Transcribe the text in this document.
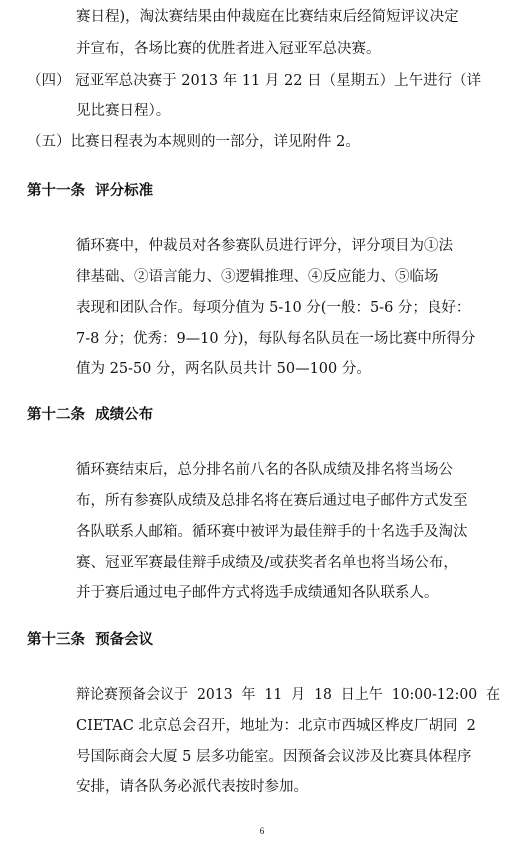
赛日程)，淘汰赛结果由仲裁庭在比赛结束后经简短评议决定
并宣布，各场比赛的优胜者进入冠亚军总决赛。
（四） 冠亚军总决赛于 2013 年 11 月 22 日（星期五）上午进行（详
见比赛日程）。
（五）比赛日程表为本规则的一部分，详见附件 2。
第十一条  评分标准
循环赛中，仲裁员对各参赛队员进行评分，评分项目为①法
律基础、②语言能力、③逻辑推理、④反应能力、⑤临场
表现和团队合作。每项分值为 5-10 分(一般：5-6 分；良好：
7-8 分；优秀：9—10 分)，每队每名队员在一场比赛中所得分
值为 25-50 分，两名队员共计 50—100 分。
第十二条  成绩公布
循环赛结束后，总分排名前八名的各队成绩及排名将当场公
布，所有参赛队成绩及总排名将在赛后通过电子邮件方式发至
各队联系人邮箱。循环赛中被评为最佳辩手的十名选手及淘汰
赛、冠亚军赛最佳辩手成绩及/或获奖者名单也将当场公布，
并于赛后通过电子邮件方式将选手成绩通知各队联系人。
第十三条  预备会议
辩论赛预备会议于  2013  年  11  月  18  日上午  10:00-12:00  在
CIETAC 北京总会召开，地址为：北京市西城区桦皮厂胡同  2
号国际商会大厦 5 层多功能室。因预备会议涉及比赛具体程序
安排，请各队务必派代表按时参加。
6
